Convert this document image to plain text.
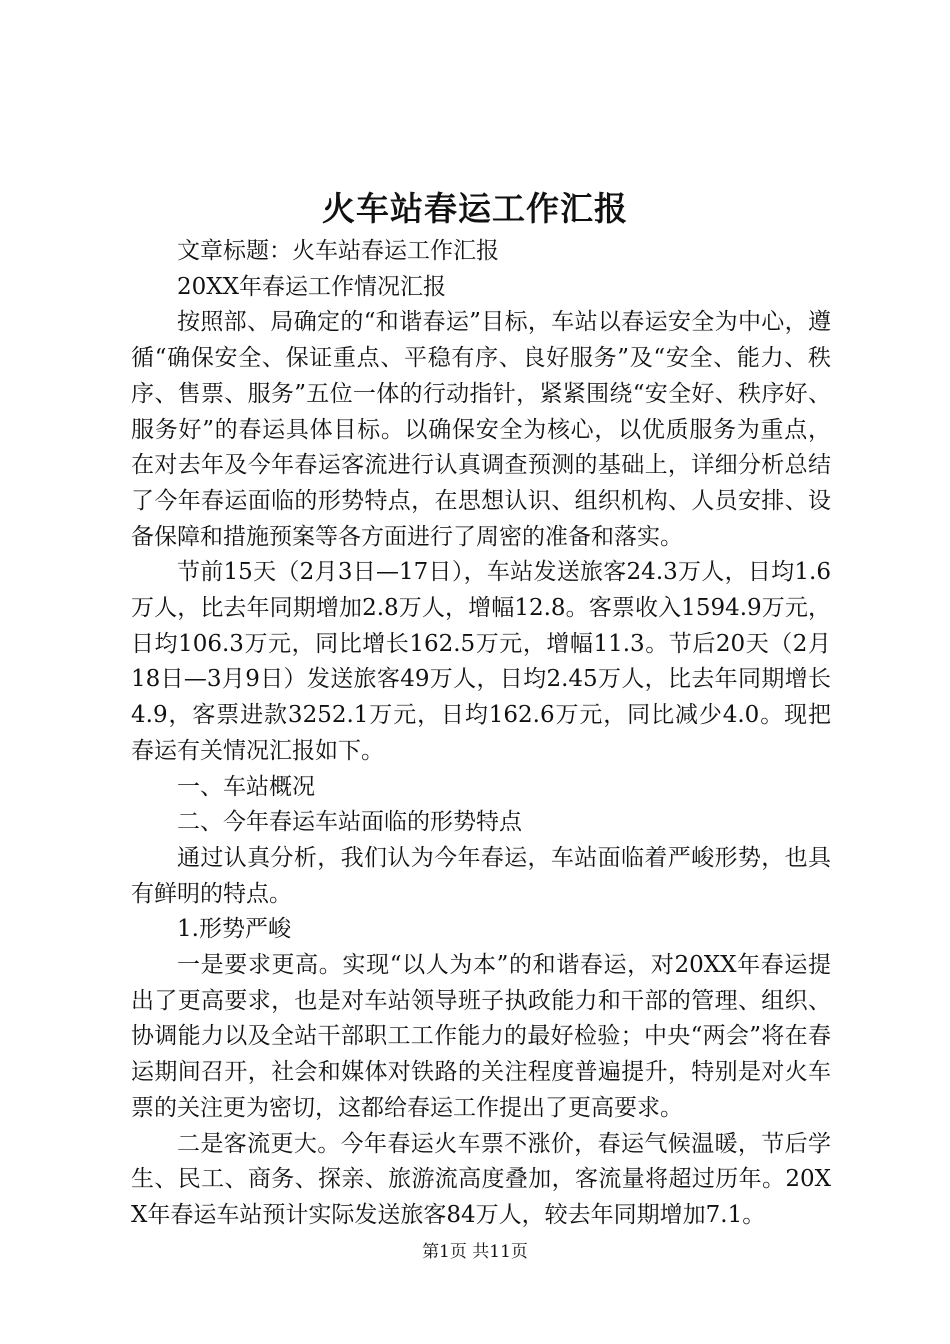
火车站春运工作汇报

文章标题：火车站春运工作汇报

20XX年春运工作情况汇报

按照部、局确定的“和谐春运”目标，车站以春运安全为中心，遵循“确保安全、保证重点、平稳有序、良好服务”及“安全、能力、秩序、售票、服务”五位一体的行动指针，紧紧围绕“安全好、秩序好、服务好”的春运具体目标。以确保安全为核心，以优质服务为重点，在对去年及今年春运客流进行认真调查预测的基础上，详细分析总结了今年春运面临的形势特点，在思想认识、组织机构、人员安排、设备保障和措施预案等各方面进行了周密的准备和落实。

节前15天（2月3日—17日），车站发送旅客24.3万人，日均1.6万人，比去年同期增加2.8万人，增幅12.8。客票收入1594.9万元，日均106.3万元，同比增长162.5万元，增幅11.3。节后20天（2月18日—3月9日）发送旅客49万人，日均2.45万人，比去年同期增长4.9，客票进款3252.1万元，日均162.6万元，同比减少4.0。现把春运有关情况汇报如下。

一、车站概况

二、今年春运车站面临的形势特点

通过认真分析，我们认为今年春运，车站面临着严峻形势，也具有鲜明的特点。

1.形势严峻

一是要求更高。实现“以人为本”的和谐春运，对20XX年春运提出了更高要求，也是对车站领导班子执政能力和干部的管理、组织、协调能力以及全站干部职工工作能力的最好检验；中央“两会”将在春运期间召开，社会和媒体对铁路的关注程度普遍提升，特别是对火车票的关注更为密切，这都给春运工作提出了更高要求。

二是客流更大。今年春运火车票不涨价，春运气候温暖，节后学生、民工、商务、探亲、旅游流高度叠加，客流量将超过历年。20XX年春运车站预计实际发送旅客84万人，较去年同期增加7.1。

第1页 共11页
